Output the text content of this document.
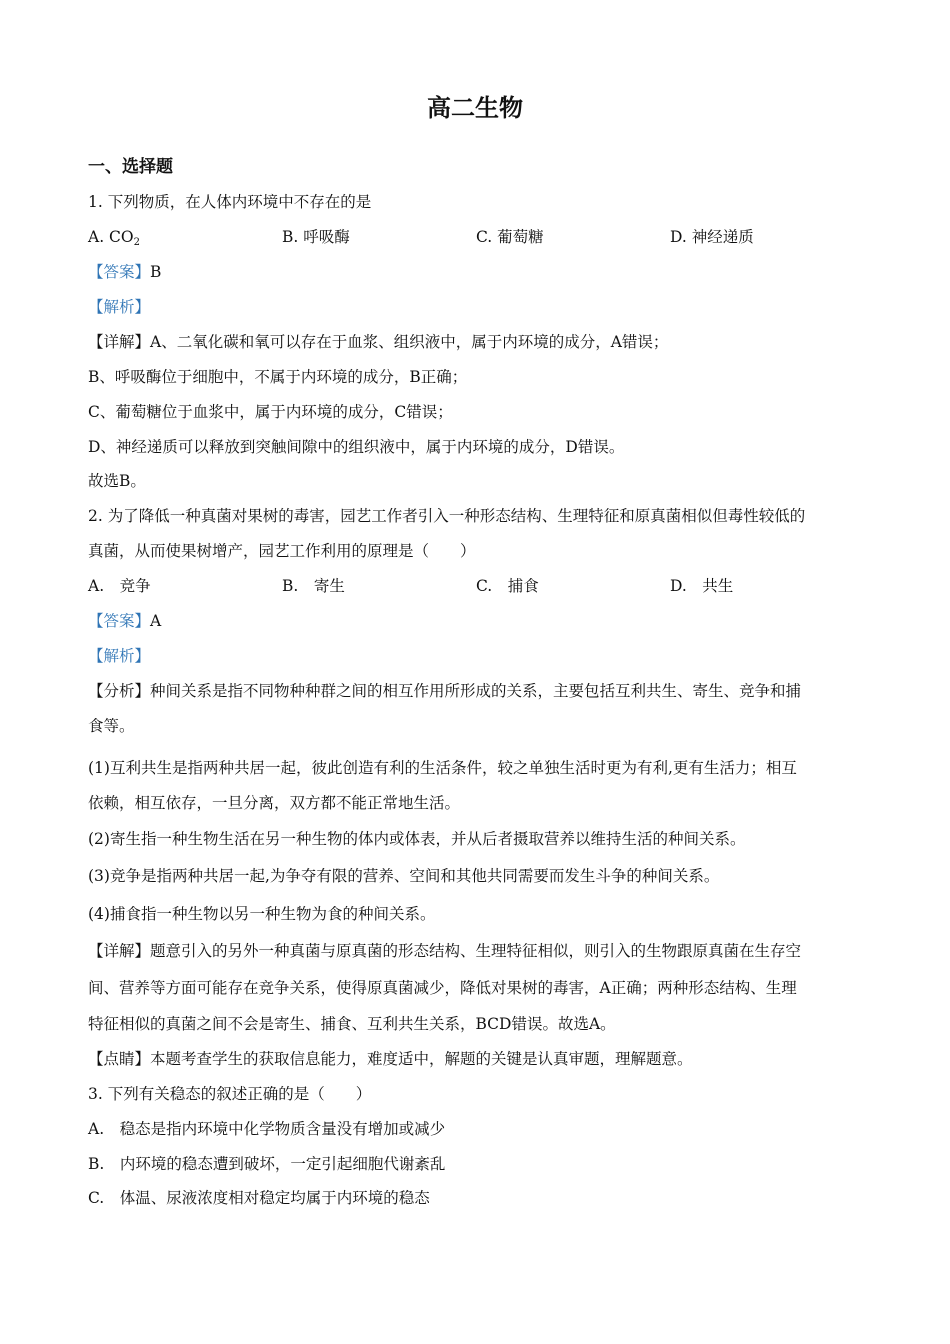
高二生物
一、选择题
1. 下列物质，在人体内环境中不存在的是
A. $CO_2$	B. 呼吸酶	C. 葡萄糖	D. 神经递质
【答案】B
【解析】
【详解】A、二氧化碳和氧可以存在于血浆、组织液中，属于内环境的成分，A错误；
B、呼吸酶位于细胞中，不属于内环境的成分，B正确；
C、葡萄糖位于血浆中，属于内环境的成分，C错误；
D、神经递质可以释放到突触间隙中的组织液中，属于内环境的成分，D错误。
故选B。
2. 为了降低一种真菌对果树的毒害，园艺工作者引入一种形态结构、生理特征和原真菌相似但毒性较低的
真菌，从而使果树增产，园艺工作利用的原理是（　　）
A.　竞争	B.　寄生	C.　捕食	D.　共生
【答案】A
【解析】
【分析】种间关系是指不同物种种群之间的相互作用所形成的关系，主要包括互利共生、寄生、竞争和捕
食等。
(1)互利共生是指两种共居一起，彼此创造有利的生活条件，较之单独生活时更为有利,更有生活力；相互
依赖，相互依存，一旦分离，双方都不能正常地生活。
(2)寄生指一种生物生活在另一种生物的体内或体表，并从后者摄取营养以维持生活的种间关系。
(3)竞争是指两种共居一起,为争夺有限的营养、空间和其他共同需要而发生斗争的种间关系。
(4)捕食指一种生物以另一种生物为食的种间关系。
【详解】题意引入的另外一种真菌与原真菌的形态结构、生理特征相似，则引入的生物跟原真菌在生存空
间、营养等方面可能存在竞争关系，使得原真菌减少，降低对果树的毒害，A正确；两种形态结构、生理
特征相似的真菌之间不会是寄生、捕食、互利共生关系，BCD错误。故选A。
【点睛】本题考查学生的获取信息能力，难度适中，解题的关键是认真审题，理解题意。
3. 下列有关稳态的叙述正确的是（　　）
A.　稳态是指内环境中化学物质含量没有增加或减少
B.　内环境的稳态遭到破坏，一定引起细胞代谢紊乱
C.　体温、尿液浓度相对稳定均属于内环境的稳态
